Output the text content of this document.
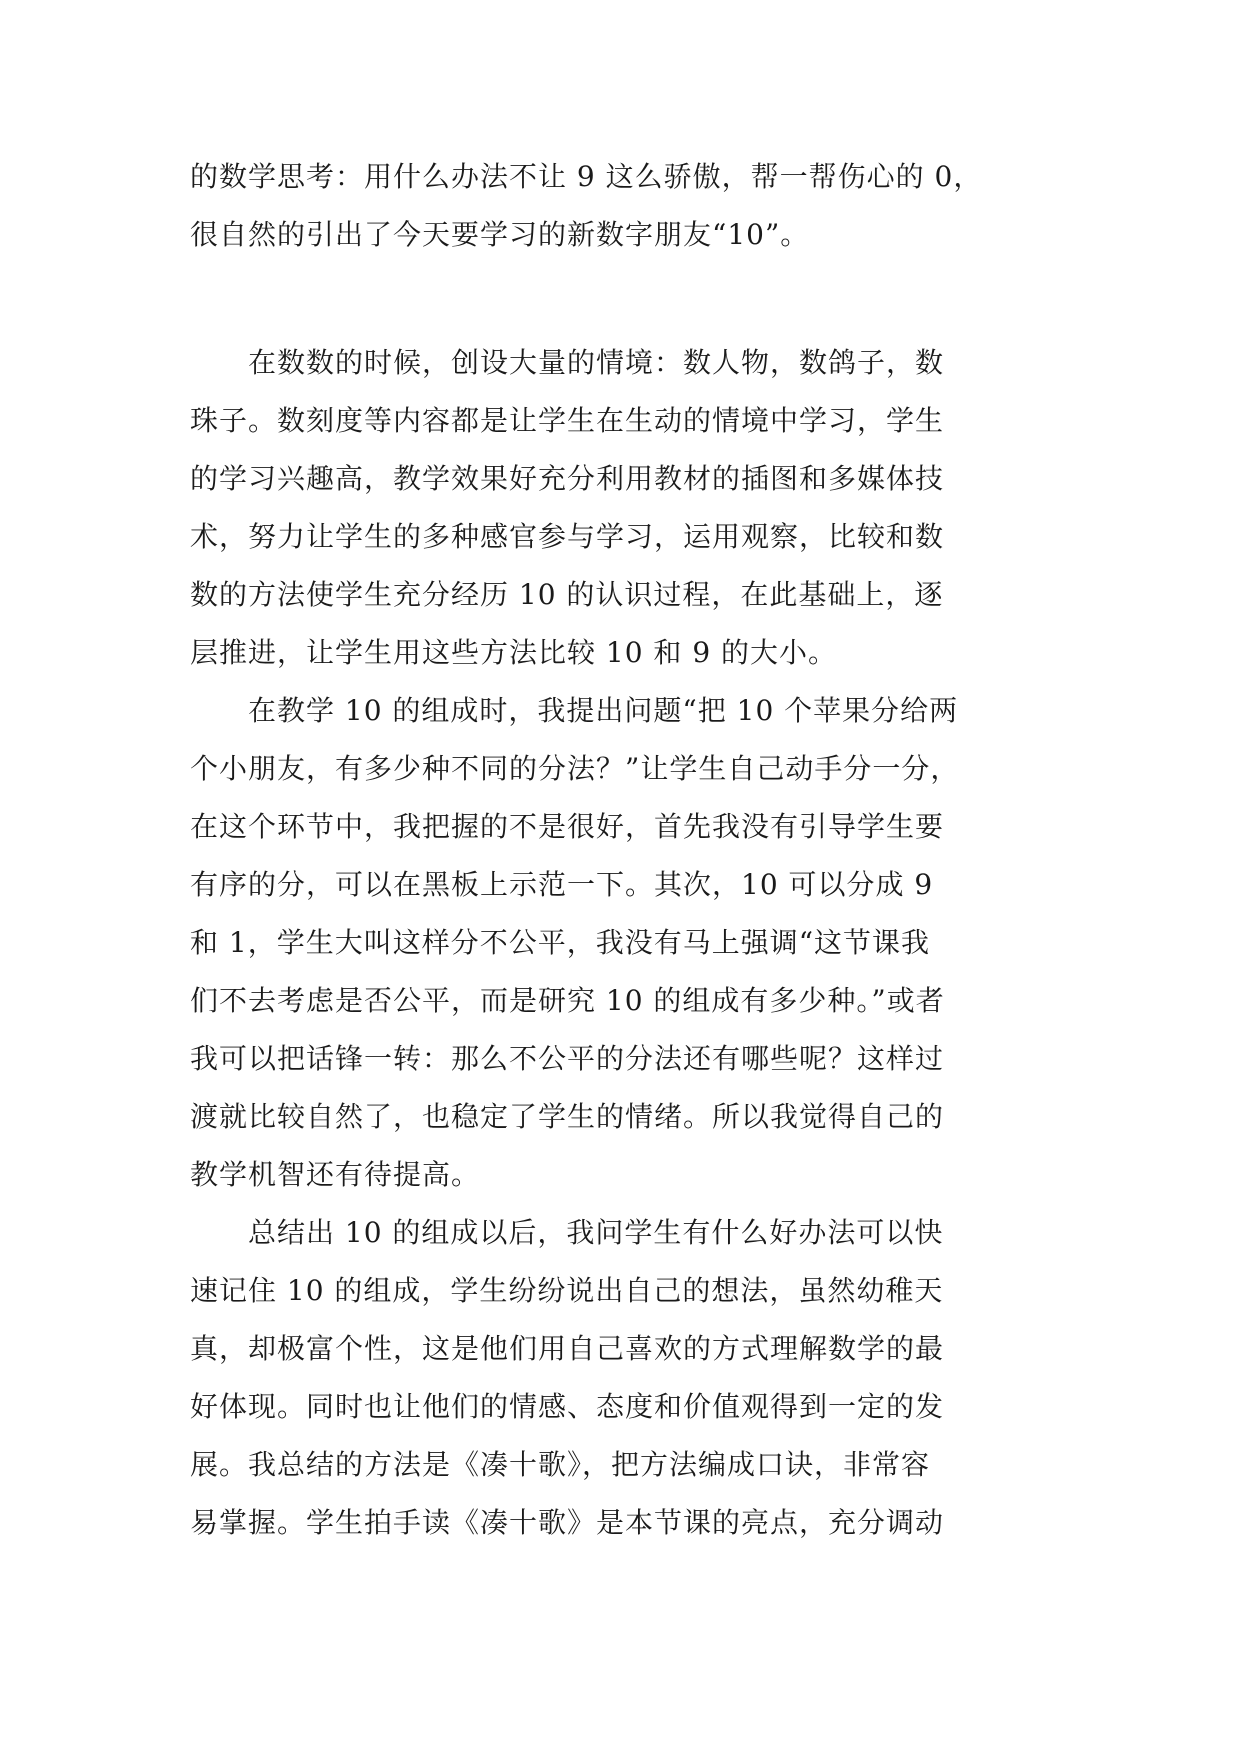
的数学思考：用什么办法不让 9 这么骄傲，帮一帮伤心的 0，
很自然的引出了今天要学习的新数字朋友“10”。
在数数的时候，创设大量的情境：数人物，数鸽子，数
珠子。数刻度等内容都是让学生在生动的情境中学习，学生
的学习兴趣高，教学效果好充分利用教材的插图和多媒体技
术，努力让学生的多种感官参与学习，运用观察，比较和数
数的方法使学生充分经历 10 的认识过程，在此基础上，逐
层推进，让学生用这些方法比较 10 和 9 的大小。
在教学 10 的组成时，我提出问题“把 10 个苹果分给两
个小朋友，有多少种不同的分法？”让学生自己动手分一分，
在这个环节中，我把握的不是很好，首先我没有引导学生要
有序的分，可以在黑板上示范一下。其次，10 可以分成 9
和 1，学生大叫这样分不公平，我没有马上强调“这节课我
们不去考虑是否公平，而是研究 10 的组成有多少种。”或者
我可以把话锋一转：那么不公平的分法还有哪些呢？这样过
渡就比较自然了，也稳定了学生的情绪。所以我觉得自己的
教学机智还有待提高。
总结出 10 的组成以后，我问学生有什么好办法可以快
速记住 10 的组成，学生纷纷说出自己的想法，虽然幼稚天
真，却极富个性，这是他们用自己喜欢的方式理解数学的最
好体现。同时也让他们的情感、态度和价值观得到一定的发
展。我总结的方法是《凑十歌》，把方法编成口诀，非常容
易掌握。学生拍手读《凑十歌》是本节课的亮点，充分调动
